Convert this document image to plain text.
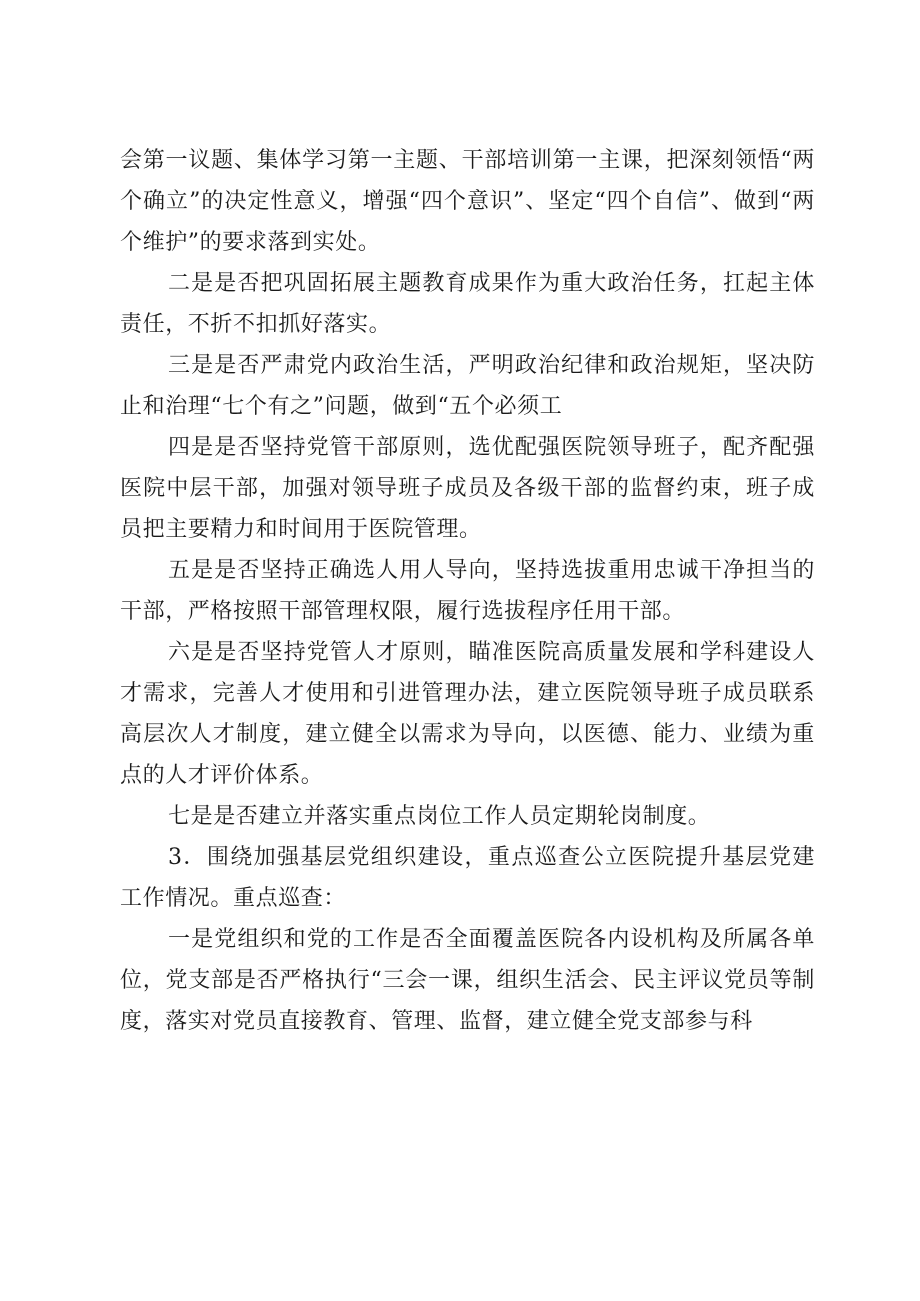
会第一议题、集体学习第一主题、干部培训第一主课，把深刻领悟“两个确立”的决定性意义，增强“四个意识”、坚定“四个自信”、做到“两个维护”的要求落到实处。

二是是否把巩固拓展主题教育成果作为重大政治任务，扛起主体责任，不折不扣抓好落实。

三是是否严肃党内政治生活，严明政治纪律和政治规矩，坚决防止和治理“七个有之”问题，做到“五个必须工

四是是否坚持党管干部原则，选优配强医院领导班子，配齐配强医院中层干部，加强对领导班子成员及各级干部的监督约束，班子成员把主要精力和时间用于医院管理。

五是是否坚持正确选人用人导向，坚持选拔重用忠诚干净担当的干部，严格按照干部管理权限，履行选拔程序任用干部。

六是是否坚持党管人才原则，瞄准医院高质量发展和学科建设人才需求，完善人才使用和引进管理办法，建立医院领导班子成员联系高层次人才制度，建立健全以需求为导向，以医德、能力、业绩为重点的人才评价体系。

七是是否建立并落实重点岗位工作人员定期轮岗制度。

3．围绕加强基层党组织建设，重点巡查公立医院提升基层党建工作情况。重点巡查：

一是党组织和党的工作是否全面覆盖医院各内设机构及所属各单位，党支部是否严格执行“三会一课，组织生活会、民主评议党员等制度，落实对党员直接教育、管理、监督，建立健全党支部参与科
